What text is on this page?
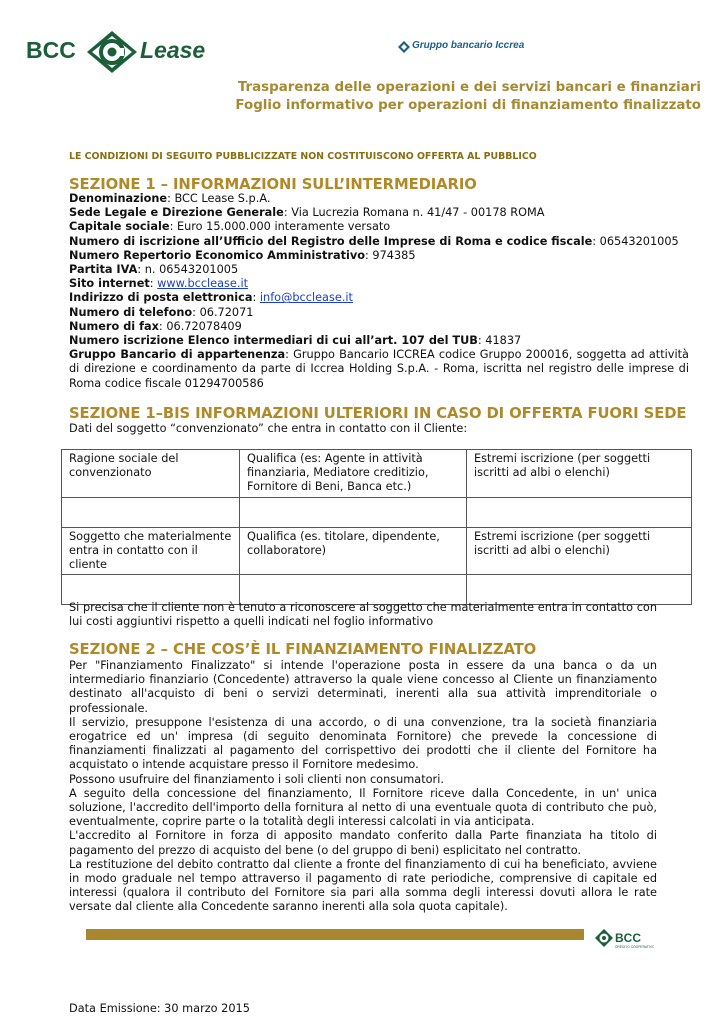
BCC	Lease	Gruppo bancario Iccrea
Trasparenza delle operazioni e dei servizi bancari e finanziari
Foglio informativo per operazioni di finanziamento finalizzato
LE CONDIZIONI DI SEGUITO PUBBLICIZZATE NON COSTITUISCONO OFFERTA AL PUBBLICO
SEZIONE 1 – INFORMAZIONI SULL’INTERMEDIARIO
Denominazione: BCC Lease S.p.A.
Sede Legale e Direzione Generale: Via Lucrezia Romana n. 41/47 - 00178 ROMA
Capitale sociale: Euro 15.000.000 interamente versato
Numero di iscrizione all’Ufficio del Registro delle Imprese di Roma e codice fiscale: 06543201005
Numero Repertorio Economico Amministrativo: 974385
Partita IVA: n. 06543201005
Sito internet: www.bcclease.it
Indirizzo di posta elettronica: info@bcclease.it
Numero di telefono: 06.72071
Numero di fax: 06.72078409
Numero iscrizione Elenco intermediari di cui all’art. 107 del TUB: 41837
Gruppo Bancario di appartenenza: Gruppo Bancario ICCREA codice Gruppo 200016, soggetta ad attività di direzione e coordinamento da parte di Iccrea Holding S.p.A. - Roma, iscritta nel registro delle imprese di Roma codice fiscale 01294700586
SEZIONE 1–BIS INFORMAZIONI ULTERIORI IN CASO DI OFFERTA FUORI SEDE
Dati del soggetto “convenzionato” che entra in contatto con il Cliente:
Ragione sociale del convenzionato	Qualifica (es: Agente in attività finanziaria, Mediatore creditizio, Fornitore di Beni, Banca etc.)	Estremi iscrizione (per soggetti iscritti ad albi o elenchi)

Soggetto che materialmente entra in contatto con il cliente	Qualifica (es. titolare, dipendente, collaboratore)	Estremi iscrizione (per soggetti iscritti ad albi o elenchi)

Si precisa che il cliente non è tenuto a riconoscere al soggetto che materialmente entra in contatto con lui costi aggiuntivi rispetto a quelli indicati nel foglio informativo
SEZIONE 2 – CHE COS’È IL FINANZIAMENTO FINALIZZATO

Per "Finanziamento Finalizzato" si intende l'operazione posta in essere da una banca o da un intermediario finanziario (Concedente) attraverso la quale viene concesso al Cliente un finanziamento destinato all'acquisto di beni o servizi determinati, inerenti alla sua attività imprenditoriale o professionale.

Il servizio, presuppone l'esistenza di una accordo, o di una convenzione, tra la società finanziaria erogatrice ed un' impresa (di seguito denominata Fornitore) che prevede la concessione di finanziamenti finalizzati al pagamento del corrispettivo dei prodotti che il cliente del Fornitore ha acquistato o intende acquistare presso il Fornitore medesimo.

Possono usufruire del finanziamento i soli clienti non consumatori.

A seguito della concessione del finanziamento, Il Fornitore riceve dalla Concedente, in un' unica soluzione, l'accredito dell'importo della fornitura al netto di una eventuale quota di contributo che può, eventualmente, coprire parte o la totalità degli interessi calcolati in via anticipata.

L'accredito al Fornitore in forza di apposito mandato conferito dalla Parte finanziata ha titolo di pagamento del prezzo di acquisto del bene (o del gruppo di beni) esplicitato nel contratto.

La restituzione del debito contratto dal cliente a fronte del finanziamento di cui ha beneficiato, avviene in modo graduale nel tempo attraverso il pagamento di rate periodiche, comprensive di capitale ed interessi (qualora il contributo del Fornitore sia pari alla somma degli interessi dovuti allora le rate versate dal cliente alla Concedente saranno inerenti alla sola quota capitale).

BCC
CREDITO COOPERATIVO
Data Emissione: 30 marzo 2015
